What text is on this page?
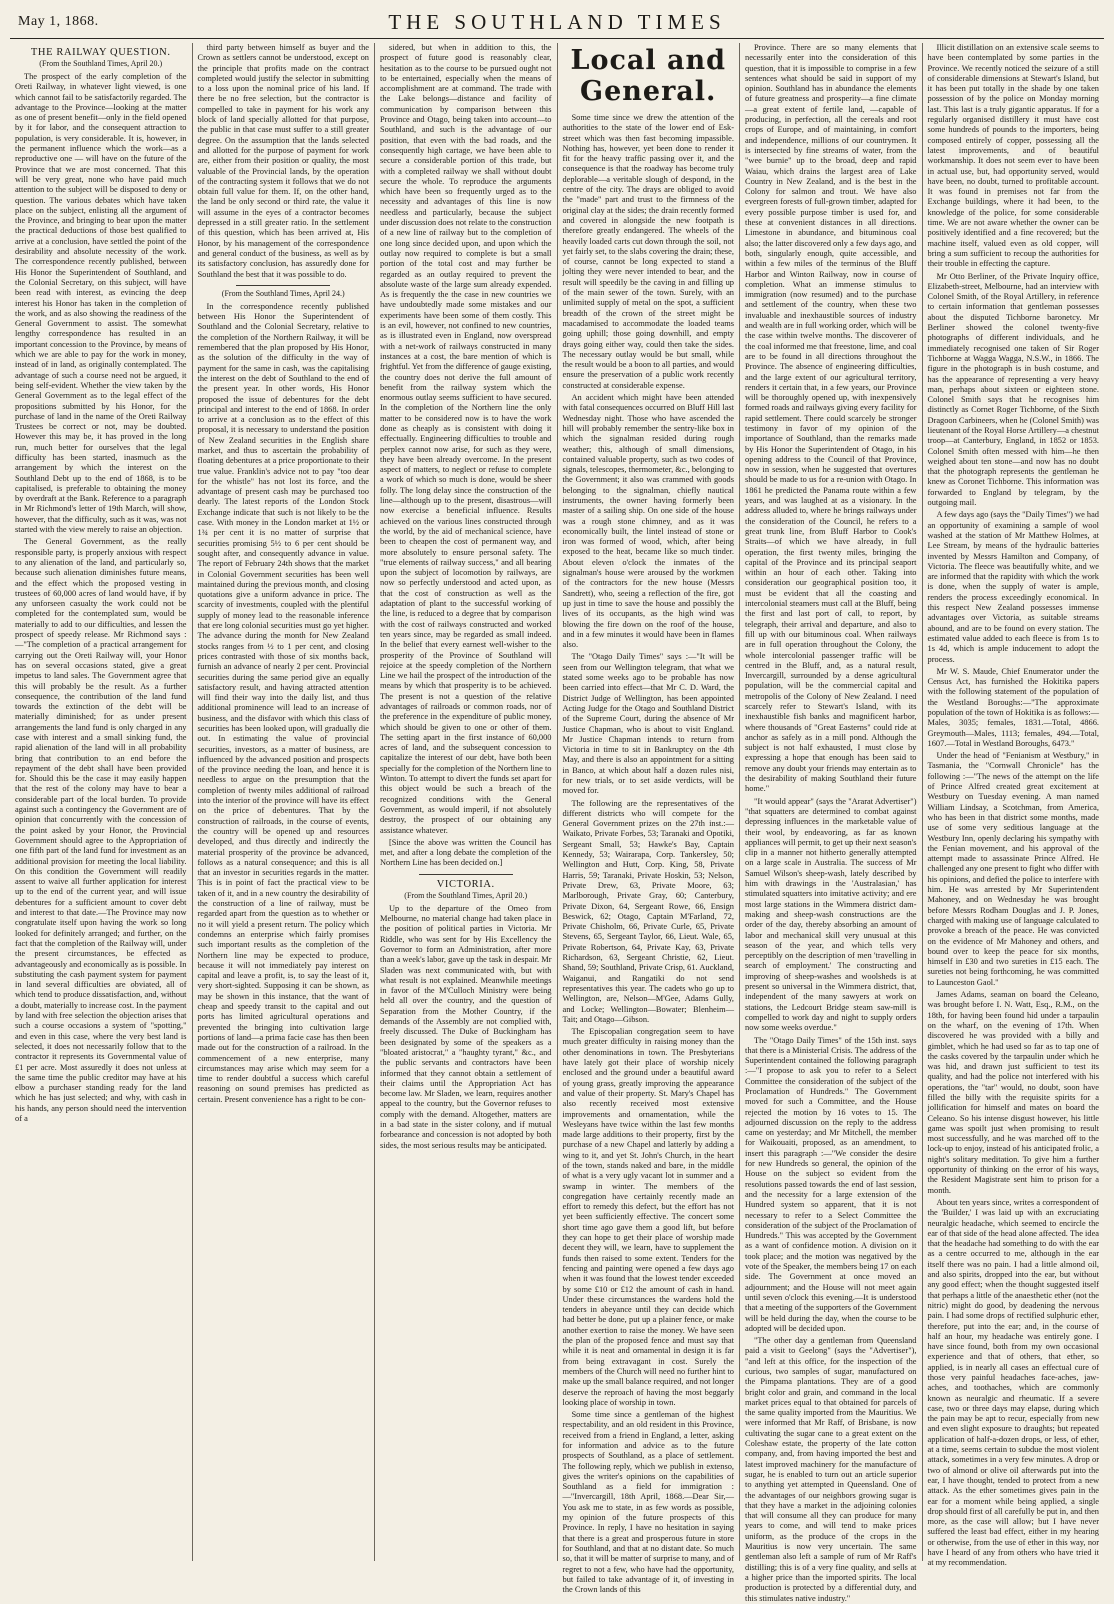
May 1, 1868.	THE SOUTHLAND TIMES
THE RAILWAY QUESTION.
(From the Southland Times, April 20.)

The prospect of the early completion of the Oreti Railway, in whatever light viewed, is one which cannot fail to be satisfactorily regarded. The advantage to the Province—looking at the matter as one of present benefit—only in the field opened by it for labor, and the consequent attraction to population, is very considerable. It is, however, in the permanent influence which the work—as a reproductive one — will have on the future of the Province that we are most concerned. That this will be very great, none who have paid much attention to the subject will be disposed to deny or question. The various debates which have taken place on the subject, enlisting all the argument of the Province, and bringing to bear upon the matter the practical deductions of those best qualified to arrive at a conclusion, have settled the point of the desirability and absolute necessity of the work. The correspondence recently published, between His Honor the Superintendent of Southland, and the Colonial Secretary, on this subject, will have been read with interest, as evincing the deep interest his Honor has taken in the completion of the work, and as also showing the readiness of the General Government to assist. The somewhat lengthy correspondence has resulted in an important concession to the Province, by means of which we are able to pay for the work in money, instead of in land, as originally contemplated. The advantage of such a course need not be argued, it being self-evident. Whether the view taken by the General Government as to the legal effect of the propositions submitted by his Honor, for the purchase of land in the name of the Oreti Railway Trustees be correct or not, may be doubted. However this may be, it has proved in the long run, much better for ourselves that the legal difficulty has been started, inasmuch as the arrangement by which the interest on the Southland Debt up to the end of 1868, is to be capitalised, is preferable to obtaining the money by overdraft at the Bank. Reference to a paragraph in Mr Richmond's letter of 19th March, will show, however, that the difficulty, such as it was, was not started with the view merely to raise an objection.

The General Government, as the really responsible party, is properly anxious with respect to any alienation of the land, and particularly so, because such alienation diminishes future means, and the effect which the proposed vesting in trustees of 60,000 acres of land would have, if by any unforseen casualty the work could not be completed for the contemplated sum, would be materially to add to our difficulties, and lessen the prospect of speedy release. Mr Richmond says :—"The completion of a practical arrangement for carrying out the Oreti Railway will, your Honor has on several occasions stated, give a great impetus to land sales. The Government agree that this will probably be the result. As a further consequence, the contribution of the land fund towards the extinction of the debt will be materially diminished; for as under present arrangements the land fund is only charged in any case with interest and a small sinking fund, the rapid alienation of the land will in all probability bring that contribution to an end before the repayment of the debt shall have been provided for. Should this be the case it may easily happen that the rest of the colony may have to bear a considerable part of the local burden. To provide against such a contingency the Government are of opinion that concurrently with the concession of the point asked by your Honor, the Provincial Government should agree to the Appropriation of one fifth part of the land fund for investment as an additional provision for meeting the local liability. On this condition the Government will readily assent to waive all further application for interest up to the end of the current year, and will issue debentures for a sufficient amount to cover debt and interest to that date.—The Province may now congratulate itself upon having the work so long looked for definitely arranged; and further, on the fact that the completion of the Railway will, under the present circumstances, be effected as advantageously and economically as is possible. In substituting the cash payment system for payment in land several difficulties are obviated, all of which tend to produce dissatisfaction, and, without a doubt, materially to increase cost. In the payment by land with free selection the objection arises that such a course occasions a system of "spotting," and even in this case, where the very best land is selected, it does not necessarily follow that to the contractor it represents its Governmental value of £1 per acre. Most assuredly it does not unless at the same time the public creditor may have at his elbow a purchaser standing ready for the land which he has just selected; and why, with cash in his hands, any person should need the intervention of a

third party between himself as buyer and the Crown as settlers cannot be understood, except on the principle that profits made on the contract completed would justify the selector in submitting to a loss upon the nominal price of his land. If there be no free selection, but the contractor is compelled to take in payment for his work any block of land specially allotted for that purpose, the public in that case must suffer to a still greater degree. On the assumption that the lands selected and allotted for the purpose of payment for work are, either from their position or quality, the most valuable of the Provincial lands, by the operation of the contracting system it follows that we do not obtain full value for them. If, on the other hand, the land be only second or third rate, the value it will assume in the eyes of a contractor becomes depressed in a still greater ratio. In the settlement of this question, which has been arrived at, His Honor, by his management of the correspondence and general conduct of the business, as well as by its satisfactory conclusion, has assuredly done for Southland the best that it was possible to do.

(From the Southland Times, April 24.)

In the correspondence recently published between His Honor the Superintendent of Southland and the Colonial Secretary, relative to the completion of the Northern Railway, it will be remembered that the plan proposed by His Honor, as the solution of the difficulty in the way of payment for the same in cash, was the capitalising the interest on the debt of Southland to the end of the present year. In other words, His Honor proposed the issue of debentures for the debt principal and interest to the end of 1868. In order to arrive at a conclusion as to the effect of this proposal, it is necessary to understand the position of New Zealand securities in the English share market, and thus to ascertain the probability of floating debentures at a price proportionate to their true value. Franklin's advice not to pay "too dear for the whistle" has not lost its force, and the advantage of present cash may be purchased too dearly. The latest reports of the London Stock Exchange indicate that such is not likely to be the case. With money in the London market at 1½ or 1¾ per cent it is no matter of surprise that securities promising 5½ to 6 per cent should be sought after, and consequently advance in value. The report of February 24th shows that the market in Colonial Government securities has been well maintained during the previous month, and closing quotations give a uniform advance in price. The scarcity of investments, coupled with the plentiful supply of money lead to the reasonable inference that ere long colonial securities must go yet higher. The advance during the month for New Zealand stocks ranges from ½ to 1 per cent, and closing prices contrasted with those of six months back, furnish an advance of nearly 2 per cent. Provincial securities during the same period give an equally satisfactory result, and having attracted attention will find their way into the daily list, and thus additional prominence will lead to an increase of business, and the disfavor with which this class of securities has been looked upon, will gradually die out. In estimating the value of provincial securities, investors, as a matter of business, are influenced by the advanced position and prospects of the province needing the loan, and hence it is needless to argue on the presumption that the completion of twenty miles additional of railroad into the interior of the province will have its effect on the price of debentures. That by the construction of railroads, in the course of events, the country will be opened up and resources developed, and thus directly and indirectly the material prosperity of the province be advanced, follows as a natural consequence; and this is all that an investor in securities regards in the matter. This is in point of fact the practical view to be taken of it, and in a new country the desirability of the construction of a line of railway, must be regarded apart from the question as to whether or no it will yield a present return. The policy which condemns an enterprise which fairly promises such important results as the completion of the Northern line may be expected to produce, because it will not immediately pay interest on capital and leave a profit, is, to say the least of it, very short-sighted. Supposing it can be shown, as may be shown in this instance, that the want of cheap and speedy transit to the capital and out ports has limited agricultural operations and prevented the bringing into cultivation large portions of land—a prima facie case has then been made out for the construction of a railroad. In the commencement of a new enterprise, many circumstances may arise which may seem for a time to render doubtful a success which careful reasoning on sound premises has predicted as certain. Present convenience has a right to be con-

sidered, but when in addition to this, the prospect of future good is reasonably clear, hesitation as to the course to be pursued ought not to be entertained, especially when the means of accomplishment are at command. The trade with the Lake belongs—distance and facility of communication by comparison between this Province and Otago, being taken into account—to Southland, and such is the advantage of our position, that even with the bad roads, and the consequently high cartage, we have been able to secure a considerable portion of this trade, but with a completed railway we shall without doubt secure the whole. To reproduce the arguments which have been so frequently urged as to the necessity and advantages of this line is now needless and particularly, because the subject under discussion does not relate to the construction of a new line of railway but to the completion of one long since decided upon, and upon which the outlay now required to complete is but a small portion of the total cost and may further be regarded as an outlay required to prevent the absolute waste of the large sum already expended. As is frequently the the case in new countries we have undoubtedly made some mistakes and our experiments have been some of them costly. This is an evil, however, not confined to new countries, as is illustrated even in England, now overspread with a net-work of railways constructed in many instances at a cost, the bare mention of which is frightful. Yet from the difference of gauge existing, the country does not derive the full amount of benefit from the railway system which the enormous outlay seems sufficient to have secured. In the completion of the Northern line the only matter to be considered now is to have the work done as cheaply as is consistent with doing it effectually. Engineering difficulties to trouble and perplex cannot now arise, for such as they were, they have been already overcome. In the present aspect of matters, to neglect or refuse to complete a work of which so much is done, would be sheer folly. The long delay since the construction of the line—although up to the present, disastrous—will now exercise a beneficial influence. Results achieved on the various lines constructed through the world, by the aid of mechanical science, have been to cheapen the cost of permanent way, and more absolutely to ensure personal safety. The "true elements of railway success," and all bearing upon the subject of locomotion by railways, are now so perfectly understood and acted upon, as that the cost of construction as well as the adaptation of plant to the successful working of the line, is reduced to a degree that by comparison with the cost of railways constructed and worked ten years since, may be regarded as small indeed. In the belief that every earnest well-wisher to the prosperity of the Province of Southland will rejoice at the speedy completion of the Northern Line we hail the prospect of the introduction of the means by which that prosperity is to be achieved. The present is not a question of the relative advantages of railroads or common roads, nor of the preference in the expenditure of public money, which should be given to one or other of them. The setting apart in the first instance of 60,000 acres of land, and the subsequent concession to capitalize the interest of our debt, have both been specially for the completion of the Northern line to Winton. To attempt to divert the funds set apart for this object would be such a breach of the recognized conditions with the General Government, as would imperil, if not absolutely destroy, the prospect of our obtaining any assistance whatever.

[Since the above was written the Council has met, and after a long debate the completion of the Northern Line has been decided on.]

VICTORIA.
(From the Southland Times, April 20.)

Up to the departure of the Omeo from Melbourne, no material change had taken place in the position of political parties in Victoria. Mr Riddle, who was sent for by His Excellency the Governor to form an Administration, after more than a week's labor, gave up the task in despair. Mr Sladen was next communicated with, but with what result is not explained. Meanwhile meetings in favor of the M'Culloch Ministry were being held all over the country, and the question of Separation from the Mother Country, if the demands of the Assembly are not complied with, freely discussed. The Duke of Buckingham has been designated by some of the speakers as a "bloated aristocrat," a "haughty tyrant," &c., and the public servants and contractors have been informed that they cannot obtain a settlement of their claims until the Appropriation Act has become law. Mr Sladen, we learn, requires another appeal to the country, but the Governor refuses to comply with the demand. Altogether, matters are in a bad state in the sister colony, and if mutual forbearance and concession is not adopted by both sides, the most serious results may be anticipated.

Local and General.

Some time since we drew the attention of the authorities to the state of the lower end of Esk-street which was then fast becoming impassible. Nothing has, however, yet been done to render it fit for the heavy traffic passing over it, and the consequence is that the roadway has become truly deplorable—a veritable slough of despond, in the centre of the city. The drays are obliged to avoid the "made" part and trust to the firmness of the original clay at the sides; the drain recently formed and covered in alongside the new footpath is therefore greatly endangered. The wheels of the heavily loaded carts cut down through the soil, not yet fairly set, to the slabs covering the drain; these, of course, cannot be long expected to stand a jolting they were never intended to bear, and the result will speedily be the caving in and filling up of the main sewer of the town. Surely, with an unlimited supply of metal on the spot, a sufficient breadth of the crown of the street might be macadamised to accommodate the loaded teams going uphill; those going downhill, and empty drays going either way, could then take the sides. The necessary outlay would be but small, while the result would be a boon to all parties, and would ensure the preservation of a public work recently constructed at considerable expense.

An accident which might have been attended with fatal consequences occurred on Bluff Hill last Wednesday night. Those who have ascended the hill will probably remember the sentry-like box in which the signalman resided during rough weather; this, although of small dimensions, contained valuable property, such as two codes of signals, telescopes, thermometer, &c., belonging to the Government; it also was crammed with goods belonging to the signalman, chiefly nautical instruments, the owner having formerly been master of a sailing ship. On one side of the house was a rough stone chimney, and as it was economically built, the lintel instead of stone or iron was formed of wood, which, after being exposed to the heat, became like so much tinder. About eleven o'clock the inmates of the signalman's house were aroused by the workmen of the contractors for the new house (Messrs Sandrett), who, seeing a reflection of the fire, got up just in time to save the house and possibly the lives of its occupants, as the high wind was blowing the fire down on the roof of the house, and in a few minutes it would have been in flames also.

The "Otago Daily Times" says :—"It will be seen from our Wellington telegram, that what we stated some weeks ago to be probable has now been carried into effect—that Mr C. D. Ward, the District Judge of Wellington, has been appointed Acting Judge for the Otago and Southland District of the Supreme Court, during the absence of Mr Justice Chapman, who is about to visit England. Mr Justice Chapman intends to return from Victoria in time to sit in Bankruptcy on the 4th May, and there is also an appointment for a sitting in Banco, at which about half a dozen rules nisi, for new trials, or to set aside verdicts, will be moved for.

The following are the representatives of the different districts who will compete for the General Government prizes on the 27th inst.:—Waikato, Private Forbes, 53; Taranaki and Opotiki, Sergeant Small, 53; Hawke's Bay, Captain Kennedy, 53; Wairarapa, Corp. Tankersley, 50; Wellington and Hutt, Corp. King, 58, Private Harris, 59; Taranaki, Private Hoskin, 53; Nelson, Private Drew, 63, Private Moore, 63; Marlborough, Private Gray, 60; Canterbury, Private Dixon, 64, Sergeant Rowe, 66, Ensign Beswick, 62; Otago, Captain M'Farland, 72, Private Chisholm, 66, Private Curle, 65, Private Stevens, 65, Sergeant Taylor, 66, Lieut. Wale, 65, Private Robertson, 64, Private Kay, 63, Private Richardson, 63, Sergeant Christie, 62, Lieut. Shand, 59; Southland, Private Crisp, 61. Auckland, Waiganui, and Rangatiki do not send representatives this year. The cadets who go up to Wellington, are, Nelson—M'Gee, Adams Gully, and Locke; Wellington—Bowater; Blenheim—Tait; and Otago—Gibson.

The Episcopalian congregation seem to have much greater difficulty in raising money than the other denominations in town. The Presbyterians have lately got their place of worship nicely enclosed and the ground under a beautiful award of young grass, greatly improving the appearance and value of their property. St. Mary's Chapel has also recently received most extensive improvements and ornamentation, while the Wesleyans have twice within the last few months made large additions to their property, first by the purchase of a new Chapel and latterly by adding a wing to it, and yet St. John's Church, in the heart of the town, stands naked and bare, in the middle of what is a very ugly vacant lot in summer and a swamp in winter. The members of the congregation have certainly recently made an effort to remedy this defect, but the effort has not yet been sufficiently effective. The concert some short time ago gave them a good lift, but before they can hope to get their place of worship made decent they will, we learn, have to supplement the funds then raised to some extent. Tenders for the fencing and painting were opened a few days ago when it was found that the lowest tender exceeded by some £10 or £12 the amount of cash in hand. Under these circumstances the wardens hold the tenders in abeyance until they can decide which had better be done, put up a plainer fence, or make another exertion to raise the money. We have seen the plan of the proposed fence and must say that while it is neat and ornamental in design it is far from being extravagant in cost. Surely the members of the Church will need no further hint to make up the small balance required, and not longer deserve the reproach of having the most beggarly looking place of worship in town.

Some time since a gentleman of the highest respectability, and an old resident in this Province, received from a friend in England, a letter, asking for information and advice as to the future prospects of Southland, as a place of settlement. The following reply, which we publish in extenso, gives the writer's opinions on the capabilities of Southland as a field for immigration :—"Invercargill, 18th April, 1868.—Dear Sir,—You ask me to state, in as few words as possible, my opinion of the future prospects of this Province. In reply, I have no hesitation in saying that there is a great and prosperous future in store for Southland, and that at no distant date. So much so, that it will be matter of surprise to many, and of regret to not a few, who have had the opportunity, but failed to take advantage of it, of investing in the Crown lands of this

Province. There are so many elements that necessarily enter into the consideration of this question, that it is impossible to comprise in a few sentences what should be said in support of my opinion. Southland has in abundance the elements of future greatness and prosperity—a fine climate—a great extent of fertile land, —capable of producing, in perfection, all the cereals and root crops of Europe, and of maintaining, in comfort and independence, millions of our countrymen. It is intersected by fine streams of water, from the "wee burnie" up to the broad, deep and rapid Waiau, which drains the largest area of Lake Country in New Zealand, and is the best in the Colony for salmon and trout. We have also evergreen forests of full-grown timber, adapted for every possible purpose timber is used for, and these at convenient distances in all directions. Limestone in abundance, and bituminous coal also; the latter discovered only a few days ago, and both, singularly enough, quite accessible, and within a few miles of the terminus of the Bluff Harbor and Winton Railway, now in course of completion. What an immense stimulus to immigration (now resumed) and to the purchase and settlement of the country, when these two invaluable and inexhaustible sources of industry and wealth are in full working order, which will be the case within twelve months. The discoverer of the coal informed me that freestone, lime, and coal are to be found in all directions throughout the Province. The absence of engineering difficulties, and the large extent of our agricultural territory, renders it certain that, in a few years, our Province will be thoroughly opened up, with inexpensively formed roads and railways giving every facility for rapid settlement. There could scarcely be stronger testimony in favor of my opinion of the importance of Southland, than the remarks made by His Honor the Superintendent of Otago, in his opening address to the Council of that Province, now in session, when he suggested that overtures should be made to us for a re-union with Otago. In 1861 he predicted the Panama route within a few years, and was laughed at as a visionary. In the address alluded to, where he brings railways under the consideration of the Council, he refers to a great trunk line, from Bluff Harbor to Cook's Straits—of which we have already, in full operation, the first twenty miles, bringing the capital of the Province and its principal seaport within an hour of each other. Taking into consideration our geographical position too, it must be evident that all the coasting and intercolonial steamers must call at the Bluff, being the first and last port of call, to report, by telegraph, their arrival and departure, and also to fill up with our bituminous coal. When railways are in full operation throughout the Colony, the whole intercolonial passenger traffic will be centred in the Bluff, and, as a natural result, Invercargill, surrounded by a dense agricultural population, will be the commercial capital and metropolis of the Colony of New Zealand. I need scarcely refer to Stewart's Island, with its inexhaustible fish banks and magnificent harbor, where thousands of "Great Easterns" could ride at anchor as safely as in a mill pond. Although the subject is not half exhausted, I must close by expressing a hope that enough has been said to remove any doubt your friends may entertain as to the desirability of making Southland their future home."

"It would appear" (says the "Ararat Advertiser") "that squatters are determined to combat against depressing influences in the marketable value of their wool, by endeavoring, as far as known appliances will permit, to get up their next season's clip in a manner not hitherto generally attempted on a large scale in Australia. The success of Mr Samuel Wilson's sheep-wash, lately described by him with drawings in the 'Australasian,' has stimulated squatters into imitative activity; and ere most large stations in the Wimmera district dam-making and sheep-wash constructions are the order of the day, thereby absorbing an amount of labor and mechanical skill very unusual at this season of the year, and which tells very perceptibly on the description of men 'travelling in search of employment.' The constructing and improving of sheep-washes and woolsheds is at present so universal in the Wimmera district, that, independent of the many sawyers at work on stations, the Ledcourt Bridge steam saw-mill is compelled to work day and night to supply orders now some weeks overdue."

The "Otago Daily Times" of the 15th inst. says that there is a Ministerial Crisis. The address of the Superintendent contained the following paragraph :—"I propose to ask you to refer to a Select Committee the consideration of the subject of the Proclamation of Hundreds." The Government moved for such a Committee, and the House rejected the motion by 16 votes to 15. The adjourned discussion on the reply to the address came on yesterday; and Mr Mitchell, the member for Waikouaiti, proposed, as an amendment, to insert this paragraph :—"We consider the desire for new Hundreds so general, the opinion of the House on the subject so evident from the resolutions passed towards the end of last session, and the necessity for a large extension of the Hundred system so apparent, that it is not necessary to refer to a Select Committee the consideration of the subject of the Proclamation of Hundreds." This was accepted by the Government as a want of confidence motion. A division on it took place; and the motion was negatived by the vote of the Speaker, the members being 17 on each side. The Government at once moved an adjournment; and the House will not meet again until seven o'clock this evening.—It is understood that a meeting of the supporters of the Government will be held during the day, when the course to be adopted will be decided upon.

"The other day a gentleman from Queensland paid a visit to Geelong" (says the "Advertiser"), "and left at this office, for the inspection of the curious, two samples of sugar, manufactured on the Pimpama plantations. They are of a good bright color and grain, and command in the local market prices equal to that obtained for parcels of the same quality imported from the Mauritius. We were informed that Mr Raff, of Brisbane, is now cultivating the sugar cane to a great extent on the Coleshaw estate, the property of the late cotton company, and, from having imported the best and latest improved machinery for the manufacture of sugar, he is enabled to turn out an article superior to anything yet attempted in Queensland. One of the advantages of our neighbors growing sugar is that they have a market in the adjoining colonies that will consume all they can produce for many years to come, and will tend to make prices uniform, as the produce of the crops in the Mauritius is now very uncertain. The same gentleman also left a sample of rum of Mr Raff's distilling; this is of a very fine quality, and sells at a higher price than the imported spirits. The local production is protected by a differential duty, and this stimulates native industry."

Illicit distillation on an extensive scale seems to have been contemplated by some parties in the Province. We recently noticed the seizure of a still of considerable dimensions at Stewart's Island, but it has been put totally in the shade by one taken possession of by the police on Monday morning last. This last is a truly gigantic apparatus. If for a regularly organised distillery it must have cost some hundreds of pounds to the importers, being composed entirely of copper, possessing all the latest improvements, and of beautiful workmanship. It does not seem ever to have been in actual use, but, had opportunity served, would have been, no doubt, turned to profitable account. It was found in premises not far from the Exchange buildings, where it had been, to the knowledge of the police, for some considerable time. We are not aware whether the owner can be positively identified and a fine recovered; but the machine itself, valued even as old copper, will bring a sum sufficient to recoup the authorities for their trouble in effecting the capture.

Mr Otto Berliner, of the Private Inquiry office, Elizabeth-street, Melbourne, had an interview with Colonel Smith, of the Royal Artillery, in reference to certain information that gentleman possesses about the disputed Tichborne baronetcy. Mr Berliner showed the colonel twenty-five photographs of different individuals, and he immediately recognised one taken of Sir Roger Tichborne at Wagga Wagga, N.S.W., in 1866. The figure in the photograph is in bush costume, and has the appearance of representing a very heavy man, perhaps about sixteen or eighteen stone. Colonel Smith says that he recognises him distinctly as Cornet Roger Tichborne, of the Sixth Dragoon Carbineers, when he (Colonel Smith) was lieutenant of the Royal Horse Artillery—a chestnut troop—at Canterbury, England, in 1852 or 1853. Colonel Smith often messed with him—he then weighed about ten stone—and now has no doubt that the photograph represents the gentleman he knew as Coronet Tichborne. This information was forwarded to England by telegram, by the outgoing mail.

A few days ago (says the "Daily Times") we had an opportunity of examining a sample of wool washed at the station of Mr Matthew Holmes, at Lee Stream, by means of the hydraulic batteries invented by Messrs Hamilton and Company, of Victoria. The fleece was beautifully white, and we are informed that the rapidity with which the work is done, when the supply of water is ample, renders the process exceedingly economical. In this respect New Zealand possesses immense advantages over Victoria, as suitable streams abound, and are to be found on every station. The estimated value added to each fleece is from 1s to 1s 4d, which is ample inducement to adopt the process.

Mr W. S. Maude, Chief Enumerator under the Census Act, has furnished the Hokitika papers with the following statement of the population of the Westland Boroughs:—"The approximate population of the town of Hokitika is as follows:—Males, 3035; females, 1831.—Total, 4866. Greymouth—Males, 1113; females, 494.—Total, 1607.—Total in Westland Boroughs, 6473."

Under the head of "Fenianism at Westbury," in Tasmania, the "Cornwall Chronicle" has the following :—"The news of the attempt on the life of Prince Alfred created great excitement at Westbury on Tuesday evening. A man named William Lindsay, a Scotchman, from America, who has been in that district some months, made use of some very seditious language at the Westbury Inn, openly declaring his sympathy with the Fenian movement, and his approval of the attempt made to assassinate Prince Alfred. He challenged any one present to fight who differ with his opinions, and defied the police to interfere with him. He was arrested by Mr Superintendent Mahoney, and on Wednesday he was brought before Messrs Rodham Douglas and J. P. Jones, charged with making use of language calculated to provoke a breach of the peace. He was convicted on the evidence of Mr Mahoney and others, and bound over to keep the peace for six months, himself in £30 and two sureties in £15 each. The sureties not being forthcoming, he was committed to Launceston Gaol."

James Adams, seaman on board the Celeano, was brought before I. N. Watt, Esq., R.M., on the 18th, for having been found hid under a tarpaulin on the wharf, on the evening of 17th. When discovered he was provided with a billy and gimblet, which he had used so far as to tap one of the casks covered by the tarpaulin under which he was hid, and drawn just sufficient to test its quality, and had the police not interfered with his operations, the "tar" would, no doubt, soon have filled the billy with the requisite spirits for a jollification for himself and mates on board the Celeano. So his intense disgust however, his little game was spoilt just when promising to result most successfully, and he was marched off to the lock-up to enjoy, instead of his anticipated frolic, a night's solitary meditation. To give him a further opportunity of thinking on the error of his ways, the Resident Magistrate sent him to prison for a month.

About ten years since, writes a correspondent of the 'Builder,' I was laid up with an excruciating neuralgic headache, which seemed to encircle the ear of that side of the head alone affected. The idea that the headache had something to do with the ear as a centre occurred to me, although in the ear itself there was no pain. I had a little almond oil, and also spirits, dropped into the ear, but without any good effect; when the thought suggested itself that perhaps a little of the anaesthetic ether (not the nitric) might do good, by deadening the nervous pain. I had some drops of rectified sulphuric ether, therefore, put into the ear; and, in the course of half an hour, my headache was entirely gone. I have since found, both from my own occasional experience and that of others, that ether, so applied, is in nearly all cases an effectual cure of those very painful headaches face-aches, jaw-aches, and toothaches, which are commonly known as neuralgic and rheumatic. If a severe case, two or three days may elapse, during which the pain may be apt to recur, especially from new and even slight exposure to draughts; but repeated application of half-a-dozen drops, or less, of ether, at a time, seems certain to subdue the most violent attack, sometimes in a very few minutes. A drop or two of almond or olive oil afterwards put into the ear, I have thought, tended to protect from a new attack. As the ether sometimes gives pain in the ear for a moment while being applied, a single drop should first of all carefully be put in, and then more, as the case will allow; but I have never suffered the least bad effect, either in my hearing or otherwise, from the use of ether in this way, nor have I heard of any from others who have tried it at my recommendation.
